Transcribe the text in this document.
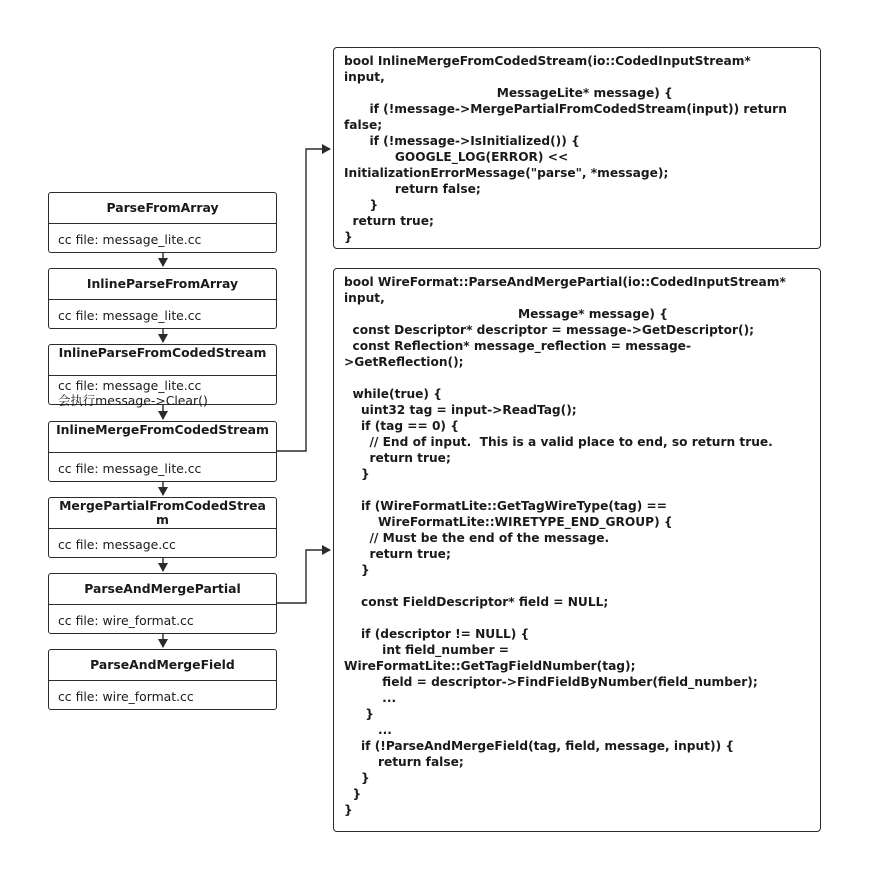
ParseFromArray
cc file: message_lite.cc
InlineParseFromArray
cc file: message_lite.cc
InlineParseFromCodedStream
cc file: message_lite.cc
会执行message->Clear()
InlineMergeFromCodedStream
cc file: message_lite.cc
MergePartialFromCodedStream
cc file: message.cc
ParseAndMergePartial
cc file: wire_format.cc
ParseAndMergeField
cc file: wire_format.cc
bool InlineMergeFromCodedStream(io::CodedInputStream*
input,
MessageLite* message) {
if (!message->MergePartialFromCodedStream(input)) return
false;
if (!message->IsInitialized()) {
GOOGLE_LOG(ERROR) <<
InitializationErrorMessage("parse", *message);
return false;
}
return true;
}
bool WireFormat::ParseAndMergePartial(io::CodedInputStream*
input,
Message* message) {
const Descriptor* descriptor = message->GetDescriptor();
const Reflection* message_reflection = message-
>GetReflection();

while(true) {
uint32 tag = input->ReadTag();
if (tag == 0) {
// End of input.  This is a valid place to end, so return true.
return true;
}

if (WireFormatLite::GetTagWireType(tag) ==
WireFormatLite::WIRETYPE_END_GROUP) {
// Must be the end of the message.
return true;
}

const FieldDescriptor* field = NULL;

if (descriptor != NULL) {
int field_number =
WireFormatLite::GetTagFieldNumber(tag);
field = descriptor->FindFieldByNumber(field_number);
...
}
...
if (!ParseAndMergeField(tag, field, message, input)) {
return false;
}
}
}
